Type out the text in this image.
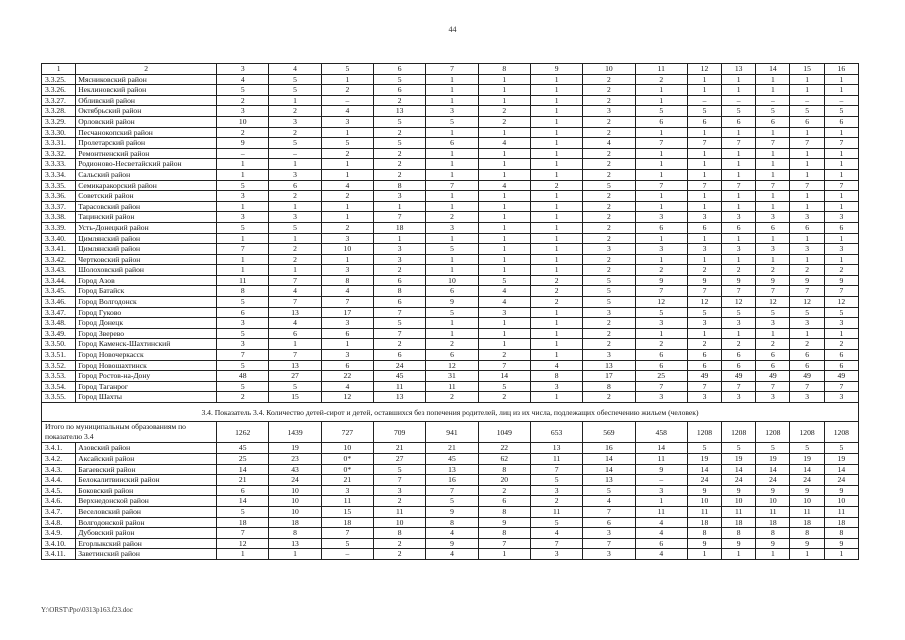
44
1	2	3	4	5	6	7	8	9	10	11	12	13	14	15	16
3.3.25.	Мясниковский район	4	5	1	5	1	1	1	2	2	1	1	1	1	1
3.3.26.	Неклиновский район	5	5	2	6	1	1	1	2	1	1	1	1	1	1
3.3.27.	Обливский район	2	1	–	2	1	1	1	2	1	–	–	–	–	–
3.3.28.	Октябрьский район	3	2	4	13	3	2	1	3	5	5	5	5	5	5
3.3.29.	Орловский район	10	3	3	5	5	2	1	2	6	6	6	6	6	6
3.3.30.	Песчанокопский район	2	2	1	2	1	1	1	2	1	1	1	1	1	1
3.3.31.	Пролетарский район	9	5	5	5	6	4	1	4	7	7	7	7	7	7
3.3.32.	Ремонтненский район	–	–	2	2	1	1	1	2	1	1	1	1	1	1
3.3.33.	Родионово-Несветайский район	1	1	1	2	1	1	1	2	1	1	1	1	1	1
3.3.34.	Сальский район	1	3	1	2	1	1	1	2	1	1	1	1	1	1
3.3.35.	Семикаракорский район	5	6	4	8	7	4	2	5	7	7	7	7	7	7
3.3.36.	Советский район	3	2	2	3	1	1	1	2	1	1	1	1	1	1
3.3.37.	Тарасовский район	1	1	1	1	1	1	1	2	1	1	1	1	1	1
3.3.38.	Тацинский район	3	3	1	7	2	1	1	2	3	3	3	3	3	3
3.3.39.	Усть-Донецкий район	5	5	2	18	3	1	1	2	6	6	6	6	6	6
3.3.40.	Цимлянский район	1	1	3	1	1	1	1	2	1	1	1	1	1	1
3.3.41.	Цимлянский район	7	2	10	3	5	1	1	3	3	3	3	3	3	3
3.3.42.	Чертковский район	1	2	1	3	1	1	1	2	1	1	1	1	1	1
3.3.43.	Шолоховский район	1	1	3	2	1	1	1	2	2	2	2	2	2	2
3.3.44.	Город Азов	11	7	8	6	10	5	2	5	9	9	9	9	9	9
3.3.45.	Город Батайск	8	4	4	8	6	4	2	5	7	7	7	7	7	7
3.3.46.	Город Волгодонск	5	7	7	6	9	4	2	5	12	12	12	12	12	12
3.3.47.	Город Гуково	6	13	17	7	5	3	1	3	5	5	5	5	5	5
3.3.48.	Город Донецк	3	4	3	5	1	1	1	2	3	3	3	3	3	3
3.3.49.	Город Зверево	5	6	6	7	1	1	1	2	1	1	1	1	1	1
3.3.50.	Город Каменск-Шахтинский	3	1	1	2	2	1	1	2	2	2	2	2	2	2
3.3.51.	Город Новочеркасск	7	7	3	6	6	2	1	3	6	6	6	6	6	6
3.3.52.	Город Новошахтинск	5	13	6	24	12	7	4	13	6	6	6	6	6	6
3.3.53.	Город Ростов-на-Дону	48	27	22	45	31	14	8	17	25	49	49	49	49	49
3.3.54.	Город Таганрог	5	5	4	11	11	5	3	8	7	7	7	7	7	7
3.3.55.	Город Шахты	2	15	12	13	2	2	1	2	3	3	3	3	3	3
3.4. Показатель 3.4. Количество детей-сирот и детей, оставшихся без попечения родителей, лиц из их числа, подлежащих обеспечению жильем (человек)															
Итого по муниципальным образованиям по показателю 3.4		1262	1439	727	709	941	1049	653	569	458	1208	1208	1208	1208	1208
3.4.1.	Азовский район	45	19	10	21	21	22	13	16	14	5	5	5	5	5
3.4.2.	Аксайский район	25	23	0*	27	45	62	11	14	11	19	19	19	19	19
3.4.3.	Багаевский район	14	43	0*	5	13	8	7	14	9	14	14	14	14	14
3.4.4.	Белокалитвинский район	21	24	21	7	16	20	5	13	–	24	24	24	24	24
3.4.5.	Боковский район	6	10	3	3	7	2	3	5	3	9	9	9	9	9
3.4.6.	Верхнедонской район	14	10	11	2	5	6	2	4	1	10	10	10	10	10
3.4.7.	Веселовский район	5	10	15	11	9	8	11	7	11	11	11	11	11	11
3.4.8.	Волгодонской район	18	18	18	10	8	9	5	6	4	18	18	18	18	18
3.4.9.	Дубовский район	7	8	7	8	4	8	4	3	4	8	8	8	8	8
3.4.10.	Егорлыкский район	12	13	5	2	9	7	7	7	6	9	9	9	9	9
3.4.11.	Заветинский район	1	1	–	2	4	1	3	3	4	1	1	1	1	1
Y:\ORST\Ppo\0313p163.f23.doc
